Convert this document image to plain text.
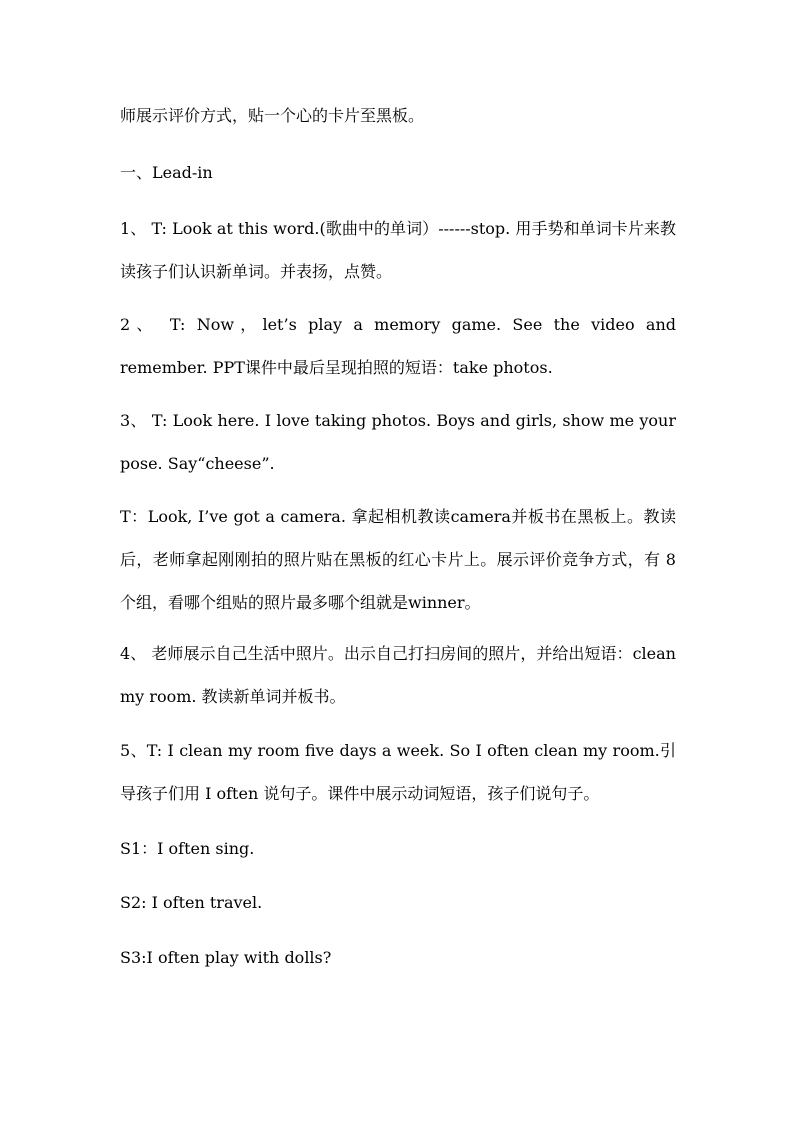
师展示评价方式，贴一个心的卡片至黑板。

一、Lead-in

1、 T: Look at this word.(歌曲中的单词）------stop. 用手势和单词卡片来教读孩子们认识新单词。并表扬，点赞。

2、 T: Now，let’s play a memory game. See the video and remember. PPT课件中最后呈现拍照的短语：take photos.

3、 T: Look here. I love taking photos. Boys and girls, show me your pose. Say“cheese”.

T：Look, I’ve got a camera. 拿起相机教读camera并板书在黑板上。教读后，老师拿起刚刚拍的照片贴在黑板的红心卡片上。展示评价竞争方式，有 8 个组，看哪个组贴的照片最多哪个组就是winner。

4、 老师展示自己生活中照片。出示自己打扫房间的照片，并给出短语：clean my room. 教读新单词并板书。

5、T: I clean my room five days a week. So I often clean my room.引导孩子们用 I often 说句子。课件中展示动词短语，孩子们说句子。

S1：I often sing.

S2: I often travel.

S3:I often play with dolls?
